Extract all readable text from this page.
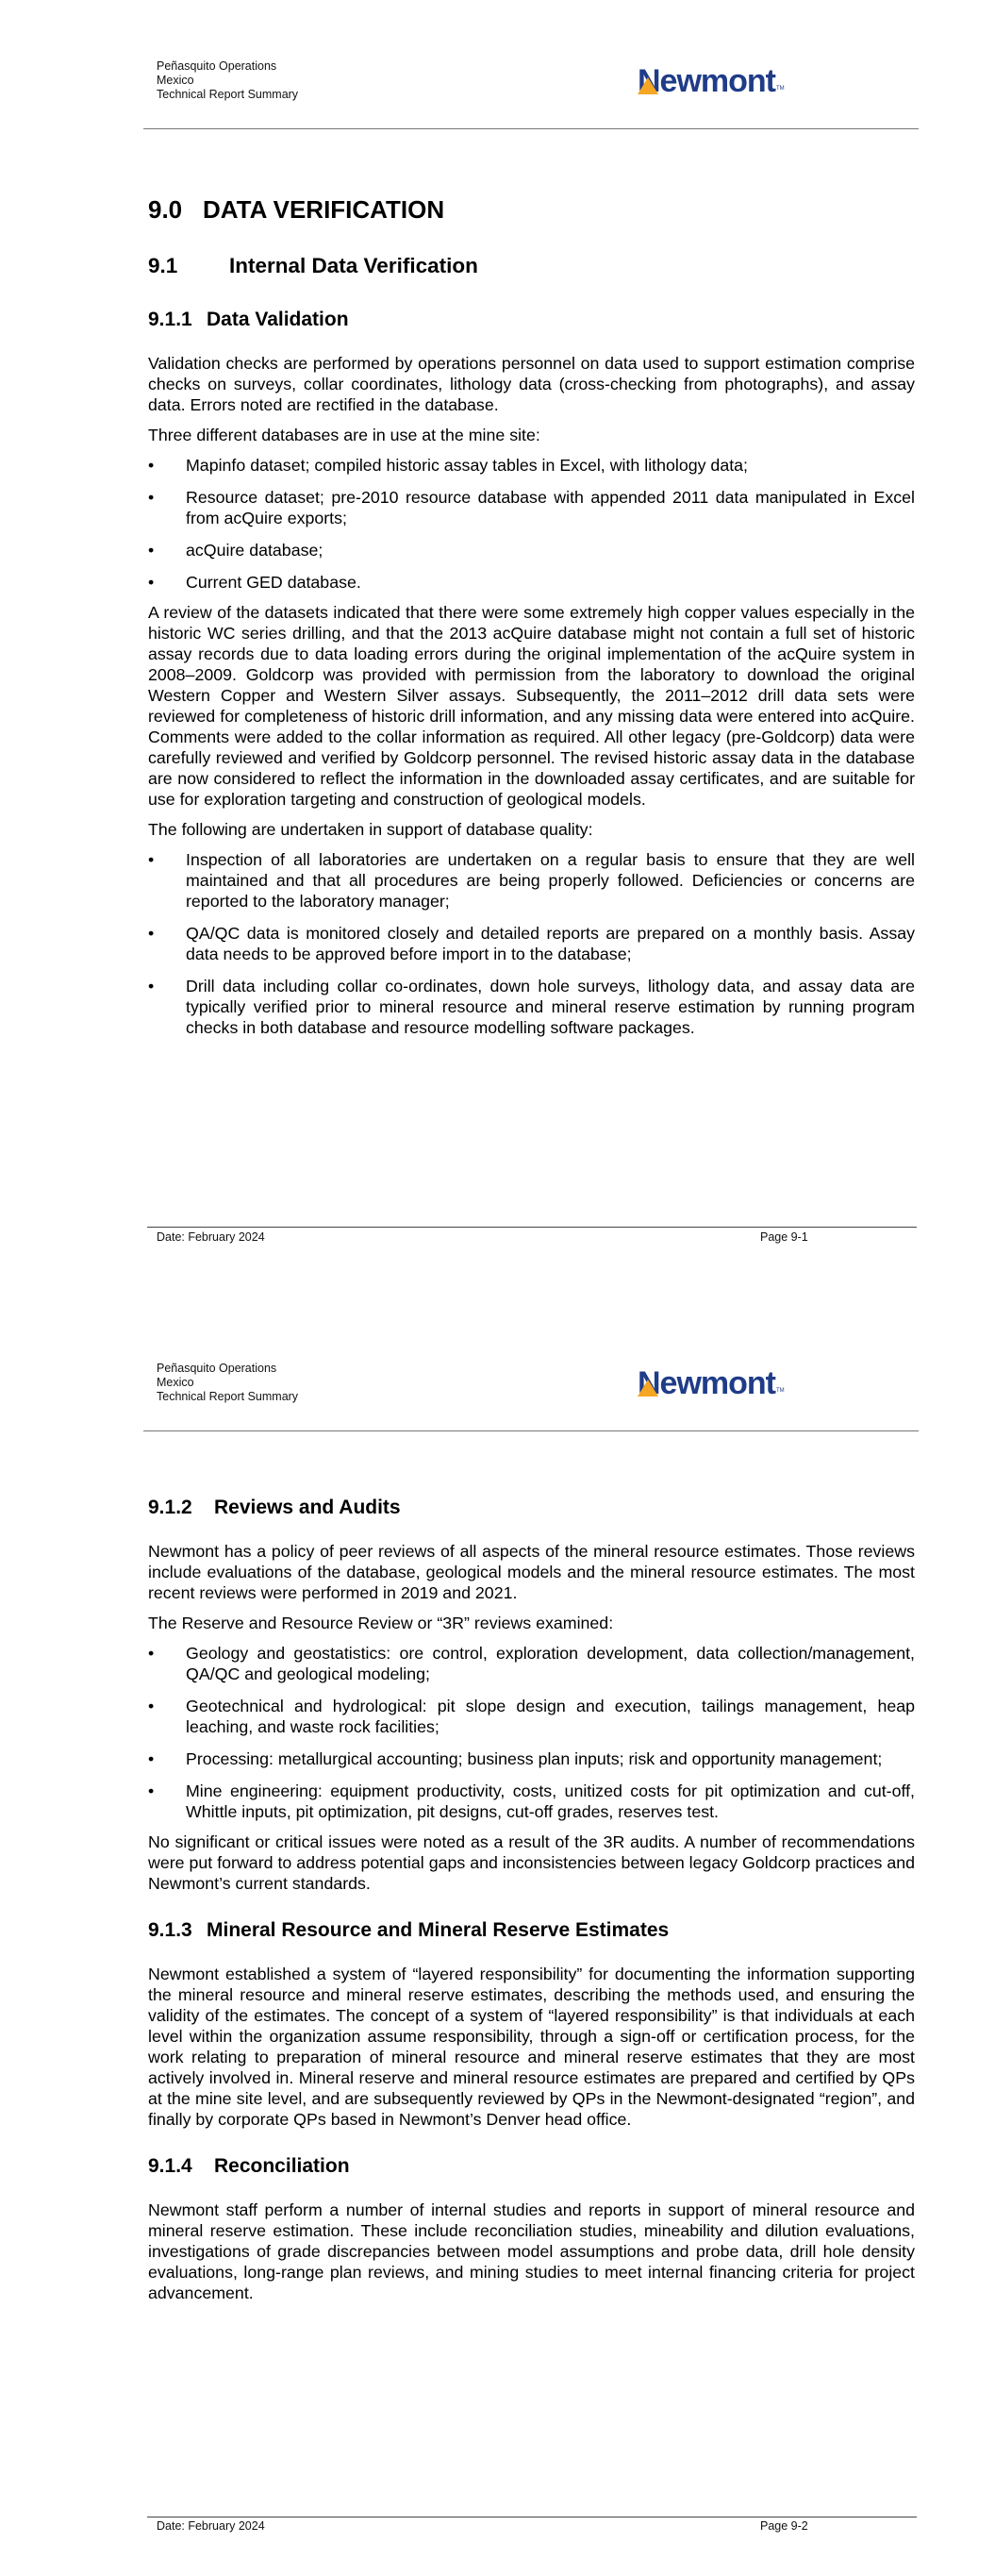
Peñasquito Operations
Mexico
Technical Report Summary	Newmont TM
9.0 DATA VERIFICATION
9.1 Internal Data Verification
9.1.1 Data Validation

Validation checks are performed by operations personnel on data used to support estimation comprise checks on surveys, collar coordinates, lithology data (cross-checking from photographs), and assay data. Errors noted are rectified in the database.

Three different databases are in use at the mine site:

• Mapinfo dataset; compiled historic assay tables in Excel, with lithology data;
• Resource dataset; pre-2010 resource database with appended 2011 data manipulated in Excel from acQuire exports;
• acQuire database;
• Current GED database.

A review of the datasets indicated that there were some extremely high copper values especially in the historic WC series drilling, and that the 2013 acQuire database might not contain a full set of historic assay records due to data loading errors during the original implementation of the acQuire system in 2008–2009. Goldcorp was provided with permission from the laboratory to download the original Western Copper and Western Silver assays. Subsequently, the 2011–2012 drill data sets were reviewed for completeness of historic drill information, and any missing data were entered into acQuire. Comments were added to the collar information as required. All other legacy (pre-Goldcorp) data were carefully reviewed and verified by Goldcorp personnel. The revised historic assay data in the database are now considered to reflect the information in the downloaded assay certificates, and are suitable for use for exploration targeting and construction of geological models.

The following are undertaken in support of database quality:

• Inspection of all laboratories are undertaken on a regular basis to ensure that they are well maintained and that all procedures are being properly followed. Deficiencies or concerns are reported to the laboratory manager;
• QA/QC data is monitored closely and detailed reports are prepared on a monthly basis. Assay data needs to be approved before import in to the database;
• Drill data including collar co-ordinates, down hole surveys, lithology data, and assay data are typically verified prior to mineral resource and mineral reserve estimation by running program checks in both database and resource modelling software packages.
Date: February 2024	Page 9-1
Peñasquito Operations
Mexico
Technical Report Summary	Newmont TM
9.1.2 Reviews and Audits

Newmont has a policy of peer reviews of all aspects of the mineral resource estimates. Those reviews include evaluations of the database, geological models and the mineral resource estimates. The most recent reviews were performed in 2019 and 2021.

The Reserve and Resource Review or “3R” reviews examined:

• Geology and geostatistics: ore control, exploration development, data collection/management, QA/QC and geological modeling;
• Geotechnical and hydrological: pit slope design and execution, tailings management, heap leaching, and waste rock facilities;
• Processing: metallurgical accounting; business plan inputs; risk and opportunity management;
• Mine engineering: equipment productivity, costs, unitized costs for pit optimization and cut-off, Whittle inputs, pit optimization, pit designs, cut-off grades, reserves test.

No significant or critical issues were noted as a result of the 3R audits. A number of recommendations were put forward to address potential gaps and inconsistencies between legacy Goldcorp practices and Newmont’s current standards.

9.1.3 Mineral Resource and Mineral Reserve Estimates

Newmont established a system of “layered responsibility” for documenting the information supporting the mineral resource and mineral reserve estimates, describing the methods used, and ensuring the validity of the estimates. The concept of a system of “layered responsibility” is that individuals at each level within the organization assume responsibility, through a sign-off or certification process, for the work relating to preparation of mineral resource and mineral reserve estimates that they are most actively involved in. Mineral reserve and mineral resource estimates are prepared and certified by QPs at the mine site level, and are subsequently reviewed by QPs in the Newmont-designated “region”, and finally by corporate QPs based in Newmont’s Denver head office.

9.1.4 Reconciliation

Newmont staff perform a number of internal studies and reports in support of mineral resource and mineral reserve estimation. These include reconciliation studies, mineability and dilution evaluations, investigations of grade discrepancies between model assumptions and probe data, drill hole density evaluations, long-range plan reviews, and mining studies to meet internal financing criteria for project advancement.

Date: February 2024	Page 9-2
